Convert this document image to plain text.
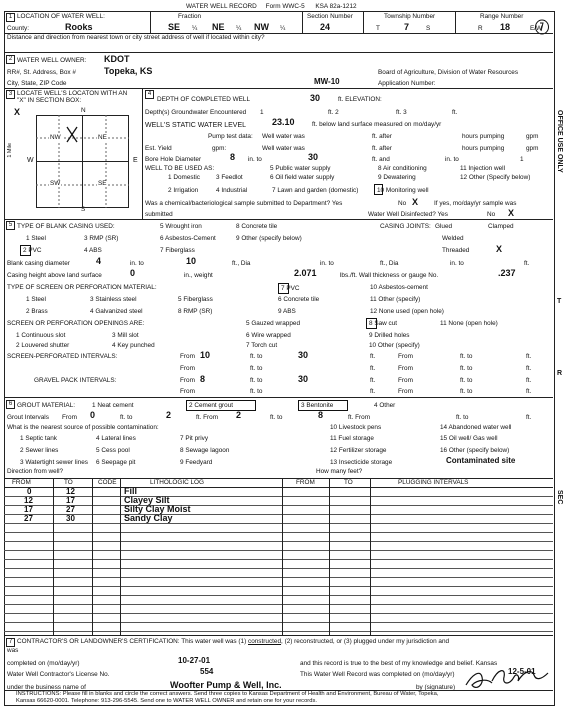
WATER WELL RECORD Form WWC-5 KSA 82a-1212
1 LOCATION OF WATER WELL:
County:	Rooks
Fraction
SE ¼ NE ¼ NW ¼
Section Number
24
Township Number
T	7	S
Range Number
R 18	E/W
Distance and direction from nearest town or city street address of well if located within city?
2 WATER WELL OWNER: KDOT
RR#, St. Address, Box #	Topeka, KS	Board of Agriculture, Division of Water Resources
City, State, ZIP Code	MW-10	Application Number:
3 LOCATE WELL'S LOCATON WITH AN "X" IN SECTION BOX:
X	N
S
W	E
1 Mile
NW	NE
SW	SE
4
DEPTH OF COMPLETED WELL	30	ft. ELEVATION:
Depth(s) Groundwater Encountered 1	ft. 2	ft. 3	ft.
WELL'S STATIC WATER LEVEL	23.10	ft. below land surface measured on mo/day/yr
Pump test data: Well water was	ft. after	hours pumping	gpm
Est. Yield	gpm:	Well water was	ft. after	hours pumping	gpm
Bore Hole Diameter	8 in. to	30	ft. and	in. to	1
WELL TO BE USED AS:
1 Domestic	3 Feedlot
5 Public water supply	8 Air conditioning	11 Injection well
6 Oil field water supply	9 Dewatering	12 Other (Specify below)
2 Irrigation	4 Industrial	7 Lawn and garden (domestic)	10 Monitoring well
Was a chemical/bacteriological sample submitted to Department? Yes	No X If yes, mo/day/yr sample was
submitted	Water Well Disinfected? Yes	No X
5 TYPE OF BLANK CASING USED:	5 Wrought iron	8 Concrete tile	CASING JOINTS: Glued	Clamped
1 Steel	3 RMP (SR)	6 Asbestos-Cement	9 Other (specify below)	Welded
2 PVC	4 ABS	7 Fiberglass	Threaded	X
Blank casing diameter	4	in. to	10	ft., Dia	in. to	ft., Dia	in. to	ft.
Casing height above land surface	0	in., weight	2.071	lbs./ft. Wall thickness or gauge No.	.237
TYPE OF SCREEN OR PERFORATION MATERIAL:	7 PVC	10 Asbestos-cement
1 Steel	3 Stainless steel	5 Fiberglass	6 Concrete tile	11 Other (specify)
2 Brass	4 Galvanized steel	8 RMP (SR)	9 ABS	12 None used (open hole)
SCREEN OR PERFORATION OPENINGS ARE:	5 Gauzed wrapped	8 Saw cut	11 None (open hole)
1 Continuous slot	3 Mill slot	6 Wire wrapped	9 Drilled holes
2 Louvered shutter	4 Key punched	7 Torch cut	10 Other (specify)
SCREEN-PERFORATED INTERVALS:	From 10	ft. to	30	ft.	From	ft. to	ft.
From	ft. to	ft.	From	ft. to	ft.
GRAVEL PACK INTERVALS:	From 8	ft. to	30	ft.	From	ft. to	ft.
From	ft. to	ft.	From	ft. to	ft.
6 GROUT MATERIAL:	1 Neat cement	2 Cement grout	3 Bentonite	4 Other
Grout Intervals From 0	ft. to	2	ft. From 2	ft. to	8	ft. From	ft. to	ft.
What is the nearest source of possible contamination:
1 Septic tank	4 Lateral lines	7 Pit privy
10 Livestock pens	14 Abandoned water well
2 Sewer lines	5 Cess pool	8 Sewage lagoon
11 Fuel storage	15 Oil well/ Gas well
3 Watertight sewer lines 6 Seepage pit	9 Feedyard
12 Fertilizer storage
13 Insecticide storage
16 Other (specify below)
Contaminated site
Direction from well?	How many feet?
FROM	TO	CODE	LITHOLOGIC LOG	FROM	TO	PLUGGING INTERVALS
0	12	Fill
12	17	Clayey Silt
17	27	Silty Clay Moist
27	30	Sandy Clay
7 CONTRACTOR'S OR LANDOWNER'S CERTIFICATION: This water well was (1) constructed, (2) reconstructed, or (3) plugged under my jurisdiction and
was
completed on (mo/day/yr)	10-27-01	and this record is true to the best of my knowledge and belief. Kansas
Water Well Contractor's License No.	554	This Water Well Record was completed on (mo/day/yr)	12-5-01
under the business name of	Woofter Pump & Well, Inc.	by (signature)
INSTRUCTIONS: Please fill in blanks and circle the correct answers. Send three copies to Kansas Department of Health and Environment, Bureau of Water, Topeka,
Kansas 66620-0001. Telephone: 913-296-5545. Send one to WATER WELL OWNER and retain one for your records.
OFFICE USE ONLY
T
R
SEC
